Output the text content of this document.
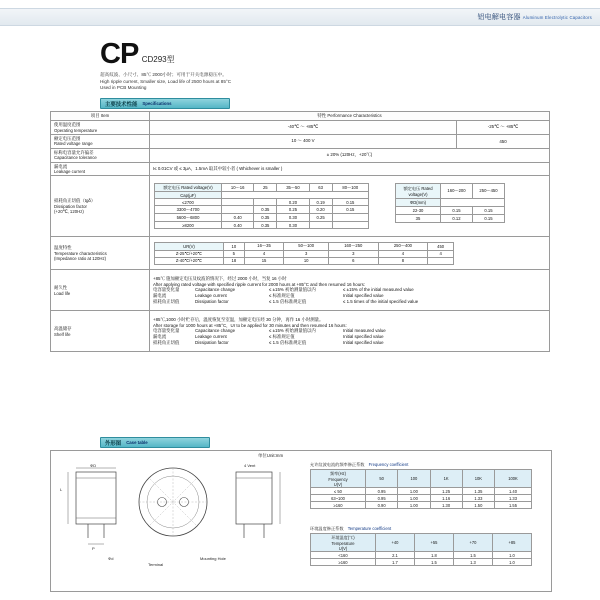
铝电解电容器 Aluminum Electrolytic Capacitors
CP CD293型
超高纹波、小尺寸、85℃ 2000小时；可用于开关电源稳压中。
High ripple current, Smaller size, Load life of 2500 hours at 85°C
Used in PCB Mounting
主要技术性能 Specifications
项目 Item	特性 Performance Characteristics

使用温度范围
Operating temperature
	-40℃ ～ +85℃	-25℃ ～ +85℃

额定电压范围
Rated voltage range
	10 ～ 400 V	450

标称电容量允许偏差
Capacitance tolerance
	± 20% (120Hz，+20℃)

漏电流
Leakage current
	I≤ 0.01CV 或 ≤ 3μA，1.5mA 取其中较小者 ( Whichever is smaller )

损耗角正切值（tgδ）
Dissipation factor
(+20℃, 120Hz)

额定电压 Rated voltage(V)	10～16	25	35～50	63	80～100
Cap(μF)	
≤2700			0.20	0.19	0.15
3300～4700		0.35	0.25	0.20	0.15
5600～6800	0.40	0.35	0.30	0.25	
≥8200	0.40	0.35	0.30		
额定电压 Rated voltage(V)	160～200	250～450
ΦD(mm)	
22-30	0.15	0.15
35	0.12	0.15

温度特性
Temperature characteristics
(Impedance ratio at 120Hz)

UR(V)	10	16～35	50～100	160～250	250～400	450
Z-25℃/+20℃	5	4	3	3	4	4
Z-40℃/+20℃	18	15	10	6	8	

耐久性
Load life

+85℃ 施加额定电压及纹波的情况下，经过 2000 小时，当复 16 小时
After applying rated voltage with specified ripple current for 2000 hours at +85°C and then resumed 16 hours:
电容量变化量	Capacitance change	≤ ±15% 初始测量值以内	≤ ±15% of the initial measured value
漏电流	Leakage current	≤ 标准规定值	Initial specified value
损耗角正切值	Dissipation factor	≤ 1.5 倍标准规定值	≤ 1.5 times of the initial specified value

高温储存
Shelf life

+85℃,1000 小时贮存后，温度恢复至室温，加额定电压经 30 分钟，再作 16 小时测量。
After storage for 1000 hours at +85°C，Ur to be applied for 30 minutes and then resumed 16 hours:
电容量变化量	Capacitance change	≤ ±15% 初始测量值以内	Initial measured value
漏电流	Leakage current	≤ 标准规定值	Initial specified value
损耗角正切值	Dissipation factor	≤ 1.5 倍标准规定值	Initial specified value
外形图 Case table
单位Unit:mm
L
ΦD
P
Φd
Terminal
Mounting Hole
4 Vent	允许纹波电流的频率修正系数 Frequency coefficient
频率(Hz)
Frequency
U(V)	50	100	1K	10K	100K
≤ 50	0.95	1.00	1.25	1.35	1.40
63~100	0.95	1.00	1.16	1.33	1.33
≥160	0.90	1.00	1.30	1.50	1.55
环境温度修正系数 Temperature coefficient
环境温度(℃)
Temperature
U(V)	+40	+55	+70	+85
<160	2.1	1.8	1.5	1.0
≥160	1.7	1.5	1.3	1.0
